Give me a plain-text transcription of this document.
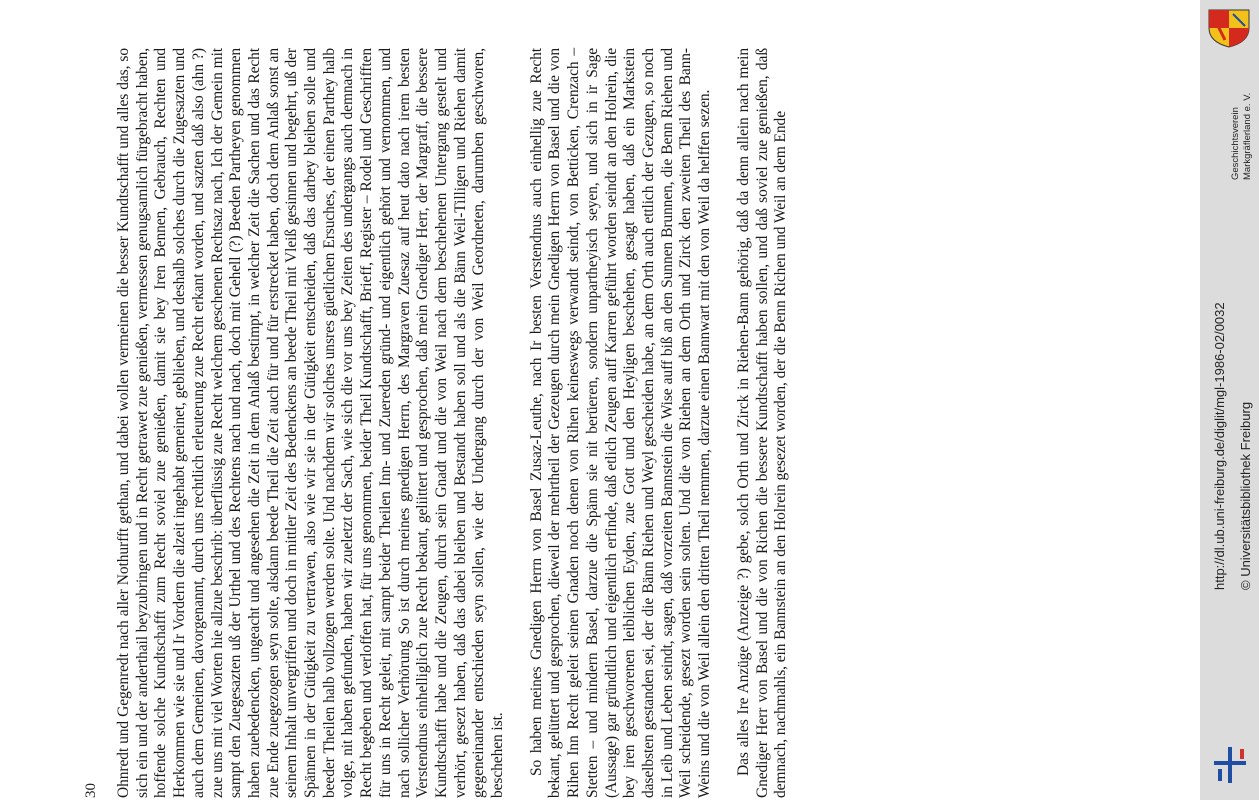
30 Ohnredt und Gegenredt nach aller Nothurfft gethan, und dabei wollen vermeinen die besser Kundtschafft und alles das, so sich ein und der anderthail beyzubringen und in Recht getrawet zue genießen, vermessen genugsamlich fürgebracht haben, hoffende solche Kundtschafft zum Recht soviel zue genießen, damit sie bey Iren Bennen, Gebrauch, Rechten und Herkommen wie sie und Ir Vordern die alzeit ingehabt gemeinet, geblieben, und deshalb solches durch die Zugesazten und auch dem Gemeinen, davorgenannt, durch uns rechtlich erleuterung zue Recht erkant worden, und sazten daß also (ahn ?) zue uns mit viel Worten hie allzue beschrib: überflüssig zue Recht welchem geschenen Rechtsaz nach, Ich der Gemein mit sampt den Zuegesazten uß der Urthel und des Rechtens nach und nach, doch mit Gehell (?) Beeden Partheyen genommen haben zuebedencken, ungeacht und angesehen die Zeit in dem Anlaß bestimpt, in welcher Zeit die Sachen und das Recht zue Ende zuegezogen seyn solte, alsdann beede Theil die Zeit auch für und für erstrecket haben, doch dem Anlaß sonst an seinem Inhalt unvergriffen und doch in mittler Zeit des Bedenckens an beede Theil mit Vleiß gesinnen und begehrt, uß der Spännen in der Gütigkeit zu vertrawen, also wie wir sie in der Gütigkeit entscheiden, daß das darbey bleiben solle und beeder Theilen halb vollzogen werden solte. Und nachdem wir solches unsres güetlichen Ersuches, der einen Parthey halb volge, nit haben gefunden, haben wir zueletzt der Sach, wie sich die vor uns bey Zeiten des undergangs auch demnach in Recht begeben und verloffen hat, für uns genommen, beider Theil Kundtschafft, Brieff, Register – Rodel und Geschrifften für uns in Recht geleit, mit sampt beider Theilen Inn- und Zuereden gründ- und eigentlich gehört und vernommen, und nach sollicher Verhörung So ist durch meines gnedigen Herrn, des Margraven Zuesaz auf heut dato nach irem besten Verstendnus einhelliglich zue Recht bekant, geliittert und gesprochen, daß mein Gnediger Herr, der Margraff, die bessere Kundtschafft habe und die Zeugen, durch sein Gnadt und die von Weil nach dem beschehenen Untergang gestelt und verhört, gesezt haben, daß das dabei bleiben und Bestandt haben soll und als die Bänn Weil-Tilligen und Riehen damit gegeneinander entschieden seyn sollen, wie der Undergang durch der von Weil Geordneten, darumben geschworen, beschehen ist. So haben meines Gnedigen Herrn von Basel Zusaz-Leuthe, nach Ir besten Verstendnus auch einhellig zue Recht bekant, gelüttert und gesprochen, dieweil der mehrtheil der Gezeugen durch mein Gnedigen Herrn von Basel und die von Rihen Inn Recht geleit seinen Gnaden noch denen von Rihen keineswegs verwandt seindt, von Betticken, Crenzach – Stetten – und mindern Basel, darzue die Spänn sie nit berüeren, sondern unpartheyisch seyen, und sich in ir Sage (Aussage) gar gründtlich und eigentlich erfinde, daß etlich Zeugen auff Karren geführt worden seindt an den Holrein, die bey iren geschworenen leiblichen Eyden, zue Gott und den Heyligen beschehen, gesagt haben, daß ein Markstein daselbsten gestanden sei, der die Bänn Riehen und Weyl gescheiden habe, an dem Orth auch ettlich der Gezugen, so noch in Leib und Leben seindt, sagen, daß vorzeiten Bannstein die Wise auff biß an den Sunnen Brunnen, die Benn Riehen und Weil scheidende, gesezt worden sein solten. Und die von Riehen an dem Orth und Zirck den zweiten Theil des Bann-Weins und die von Weil allein den dritten Theil nemmen, darzue einen Bannwart mit den von Weil da helffen sezen. Das alles Ire Anzüge (Anzeige ?) gebe, solch Orth und Zirck in Riehen-Bann gehörig, daß da denn allein nach mein Gnediger Herr von Basel und die von Richen die bessere Kundtschafft haben sollen, und daß soviel zue genießen, daß demnach, nachmahls, ein Bannstein an den Holrein gesezet worden, der die Benn Richen und Weil an dem Ende	Geschichtsverein Markgräflerland e. V.
http://dl.ub.uni-freiburg.de/diglit/mgl-1986-02/0032 © Universitätsbibliothek Freiburg
